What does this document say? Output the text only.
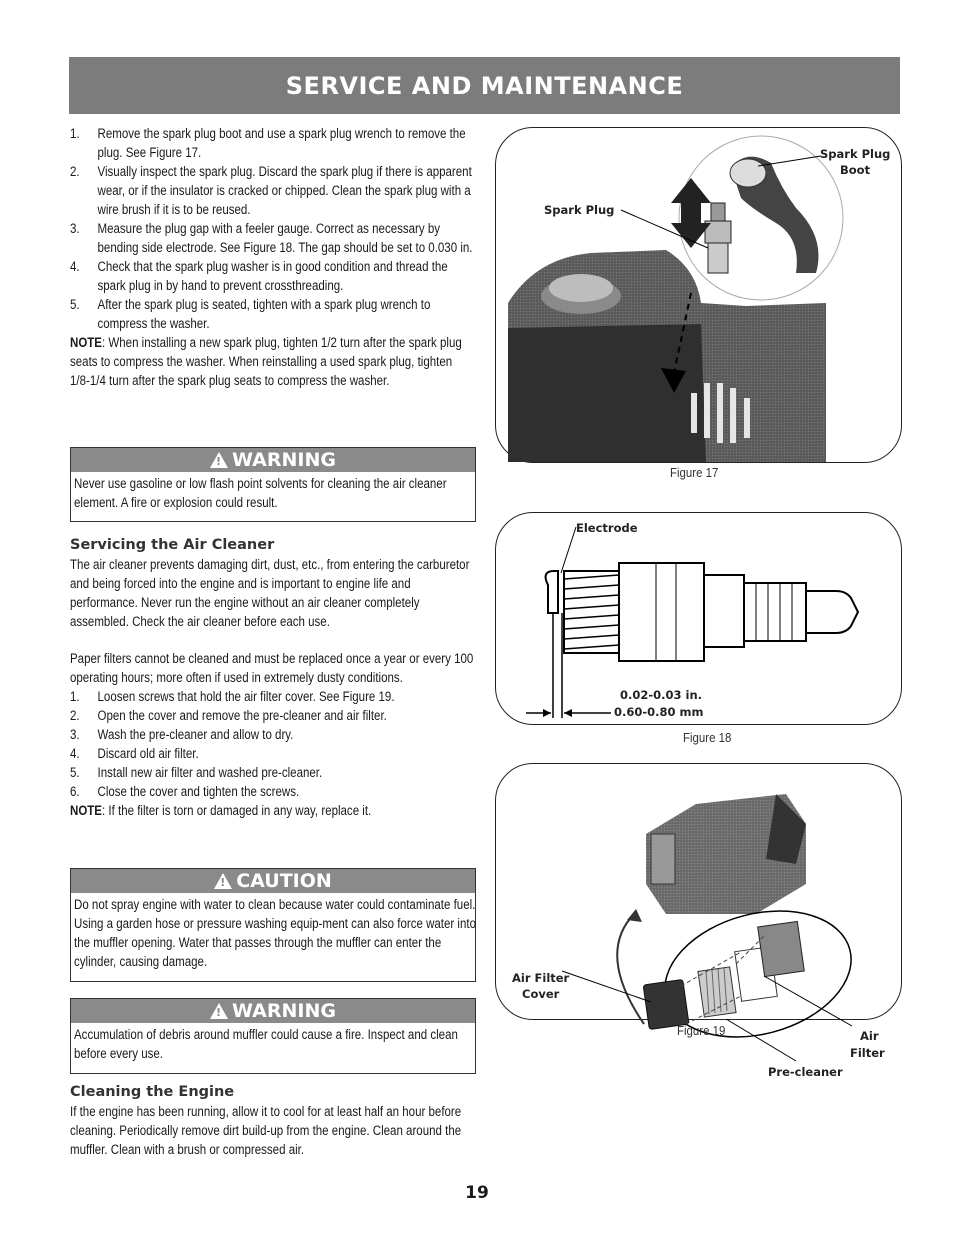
SERVICE AND MAINTENANCE
1. Remove the spark plug boot and use a spark plug wrench to remove the plug. See Figure 17.
2. Visually inspect the spark plug. Discard the spark plug if there is apparent wear, or if the insulator is cracked or chipped. Clean the spark plug with a wire brush if it is to be reused.
3. Measure the plug gap with a feeler gauge. Correct as necessary by bending side electrode. See Figure 18. The gap should be set to 0.030 in.
4. Check that the spark plug washer is in good condition and thread the spark plug in by hand to prevent crossthreading.
5. After the spark plug is seated, tighten with a spark plug wrench to compress the washer.

NOTE: When installing a new spark plug, tighten 1/2 turn after the spark plug seats to compress the washer. When reinstalling a used spark plug, tighten 1/8-1/4 turn after the spark plug seats to compress the washer.

!
WARNING
Never use gasoline or low flash point solvents for cleaning the air cleaner element. A fire or explosion could result.
Servicing the Air Cleaner

The air cleaner prevents damaging dirt, dust, etc., from entering the carburetor and being forced into the engine and is important to engine life and performance. Never run the engine without an air cleaner completely assembled. Check the air cleaner before each use.

Paper filters cannot be cleaned and must be replaced once a year or every 100 operating hours; more often if used in extremely dusty conditions.

1. Loosen screws that hold the air filter cover. See Figure 19.
2. Open the cover and remove the pre-cleaner and air filter.
3. Wash the pre-cleaner and allow to dry.
4. Discard old air filter.
5. Install new air filter and washed pre-cleaner.
6. Close the cover and tighten the screws.

NOTE: If the filter is torn or damaged in any way, replace it.

!
CAUTION
Do not spray engine with water to clean because water could contaminate fuel. Using a garden hose or pressure washing equip-ment can also force water into the muffler opening. Water that passes through the muffler can enter the cylinder, causing damage.
!
WARNING
Accumulation of debris around muffler could cause a fire. Inspect and clean before every use.
Cleaning the Engine

If the engine has been running, allow it to cool for at least half an hour before cleaning. Periodically remove dirt build-up from the engine. Clean around the muffler. Clean with a brush or compressed air.

Spark Plug
Spark Plug
Boot
Figure 17
Electrode
0.02-0.03 in.
0.60-0.80 mm
Figure 18
Air Filter
Cover
Air
Filter
Pre-cleaner
Figure 19
19
